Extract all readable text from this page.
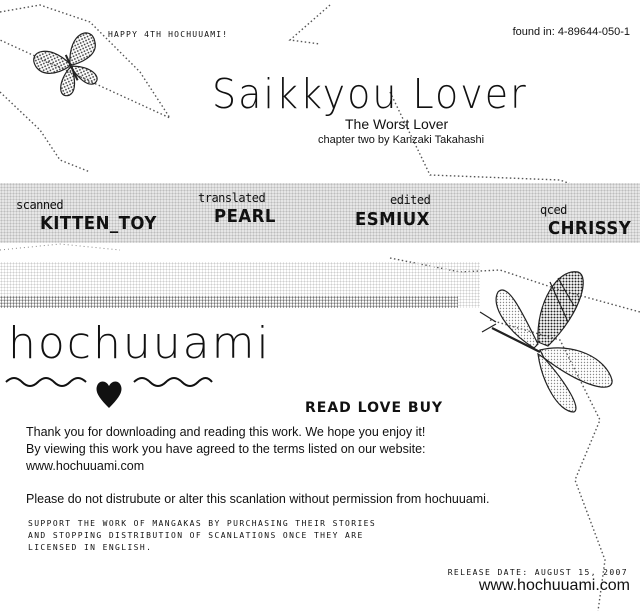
HAPPY 4TH HOCHUUAMI!	found in: 4-89644-050-1
Saikkyou Lover
The Worst Lover
chapter two by Kanzaki Takahashi
scanned
KITTEN_TOY
translated
PEARL
edited
ESMIUX	qced
CHRISSY
hochuuami
READ LOVE BUY
Thank you for downloading and reading this work. We hope you enjoy it!
By viewing this work you have agreed to the terms listed on our website:
www.hochuuami.com
Please do not distrubute or alter this scanlation without permission from hochuuami.
SUPPORT THE WORK OF MANGAKAS BY PURCHASING THEIR STORIES
AND STOPPING DISTRIBUTION OF SCANLATIONS ONCE THEY ARE
LICENSED IN ENGLISH.
RELEASE DATE: AUGUST 15, 2007
www.hochuuami.com
